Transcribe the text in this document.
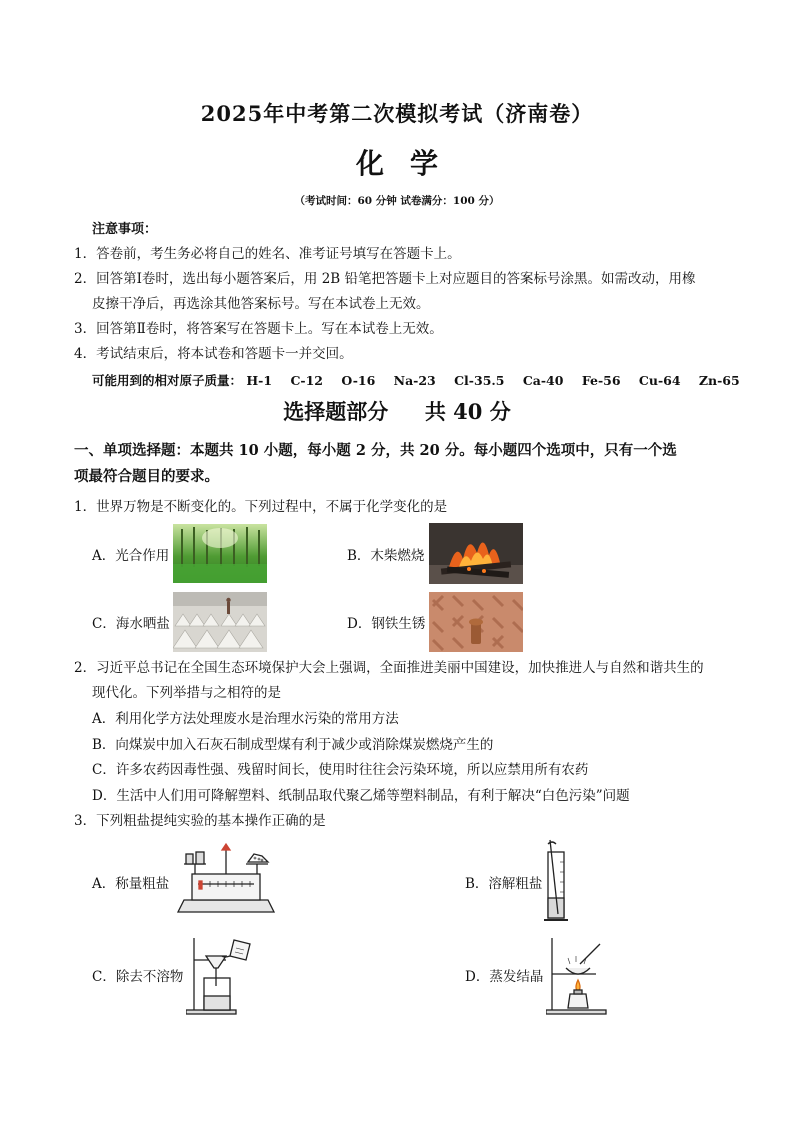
2025年中考第二次模拟考试（济南卷）
化学
（考试时间：60 分钟 试卷满分：100 分）
注意事项：
1．答卷前，考生务必将自己的姓名、准考证号填写在答题卡上。
2．回答第Ⅰ卷时，选出每小题答案后，用 2B 铅笔把答题卡上对应题目的答案标号涂黑。如需改动，用橡
皮擦干净后，再选涂其他答案标号。写在本试卷上无效。
3．回答第Ⅱ卷时，将答案写在答题卡上。写在本试卷上无效。
4．考试结束后，将本试卷和答题卡一并交回。
可能用到的相对原子质量： H-1 C-12 O-16 Na-23 Cl-35.5 Ca-40 Fe-56 Cu-64 Zn-65
选择题部分     共 40 分
一、单项选择题：本题共 10 小题，每小题 2 分，共 20 分。每小题四个选项中，只有一个选
项最符合题目的要求。
1．世界万物是不断变化的。下列过程中，不属于化学变化的是
A．光合作用	B．木柴燃烧
C．海水晒盐	D．钢铁生锈
2．习近平总书记在全国生态环境保护大会上强调，全面推进美丽中国建设，加快推进人与自然和谐共生的
现代化。下列举措与之相符的是
A．利用化学方法处理废水是治理水污染的常用方法
B．向煤炭中加入石灰石制成型煤有利于减少或消除煤炭燃烧产生的
C．许多农药因毒性强、残留时间长，使用时往往会污染环境，所以应禁用所有农药
D．生活中人们用可降解塑料、纸制品取代聚乙烯等塑料制品，有利于解决“白色污染”问题
3．下列粗盐提纯实验的基本操作正确的是
A．称量粗盐	B．溶解粗盐
C．除去不溶物	D．蒸发结晶
